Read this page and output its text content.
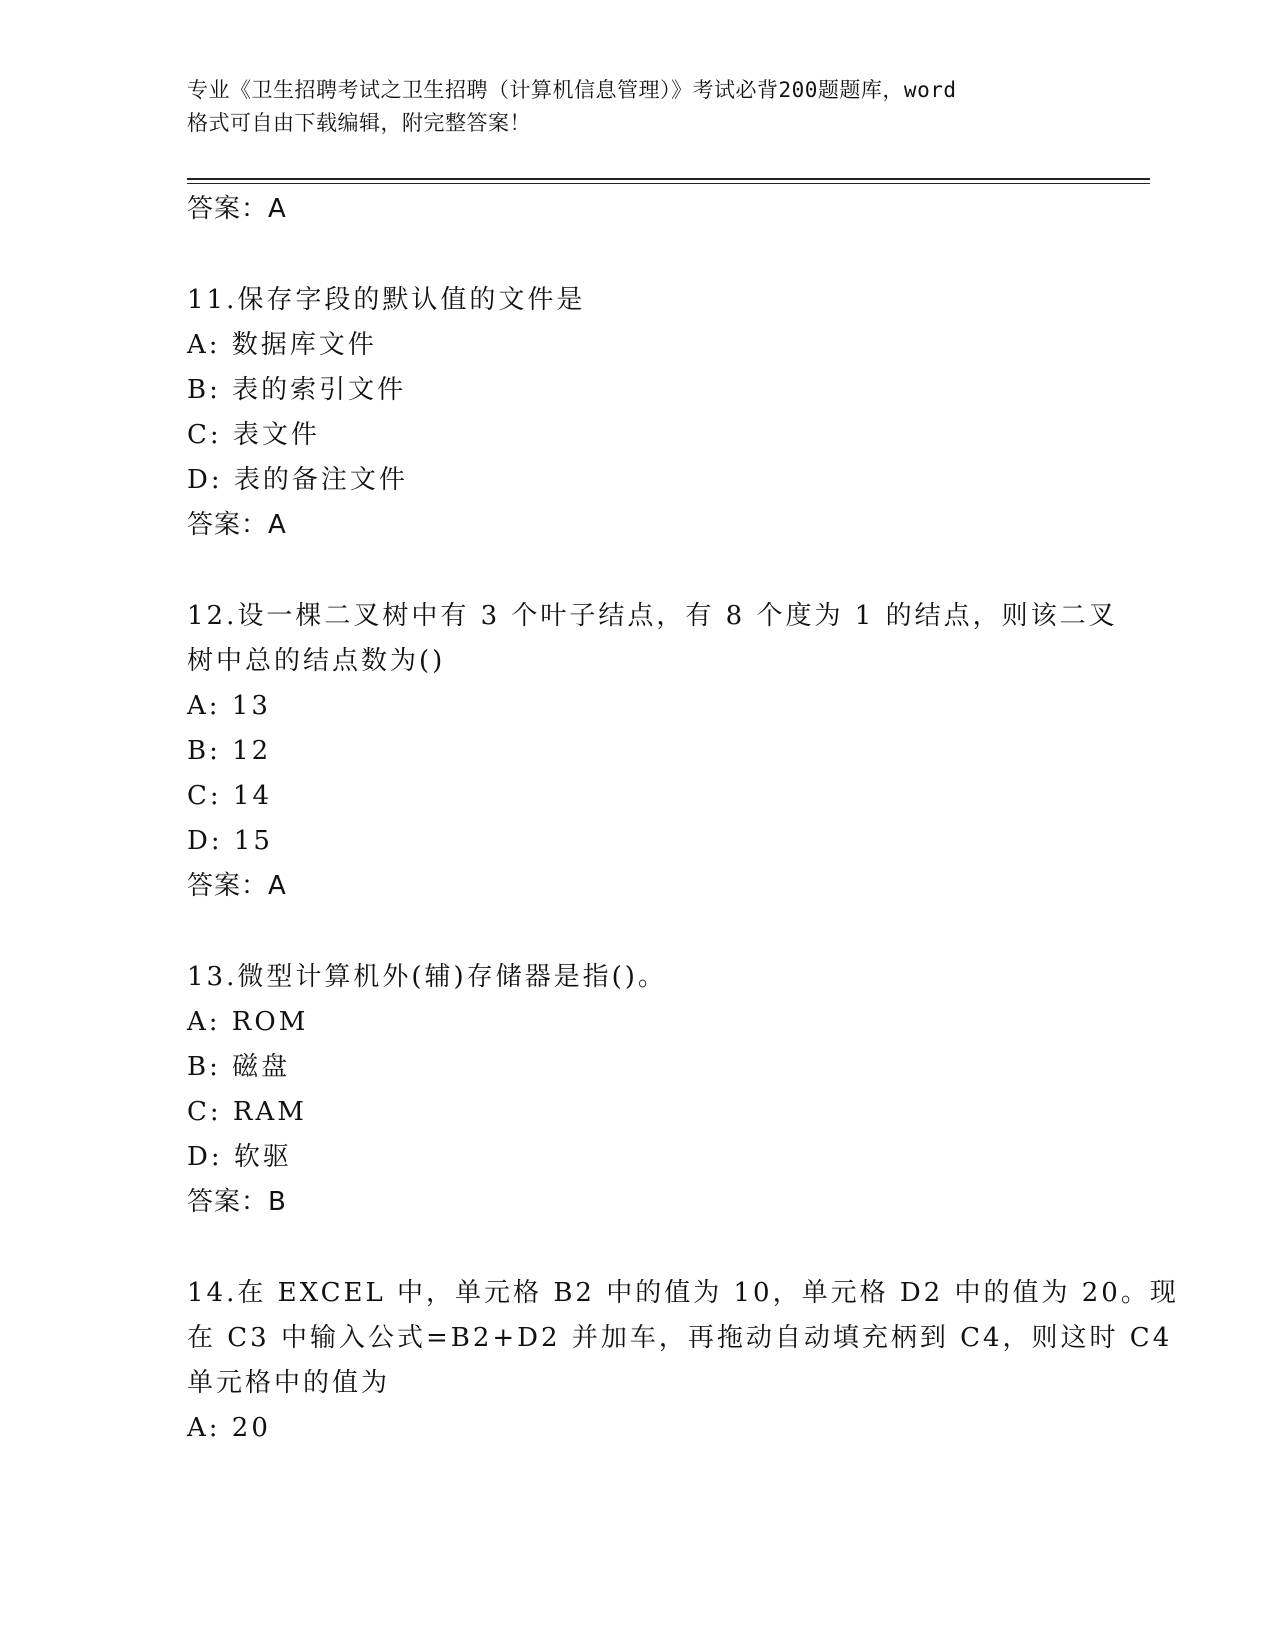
专业《卫生招聘考试之卫生招聘（计算机信息管理）》考试必背200题题库，word
格式可自由下载编辑，附完整答案！
答案：A
11.保存字段的默认值的文件是
A: 数据库文件
B: 表的索引文件
C: 表文件
D: 表的备注文件
答案：A
12.设一棵二叉树中有 3 个叶子结点，有 8 个度为 1 的结点，则该二叉
树中总的结点数为()
A: 13
B: 12
C: 14
D: 15
答案：A
13.微型计算机外(辅)存储器是指()。
A: ROM
B: 磁盘
C: RAM
D: 软驱
答案：B
14.在 EXCEL 中，单元格 B2 中的值为 10，单元格 D2 中的值为 20。现
在 C3 中输入公式=B2+D2 并加车，再拖动自动填充柄到 C4，则这时 C4
单元格中的值为
A: 20
